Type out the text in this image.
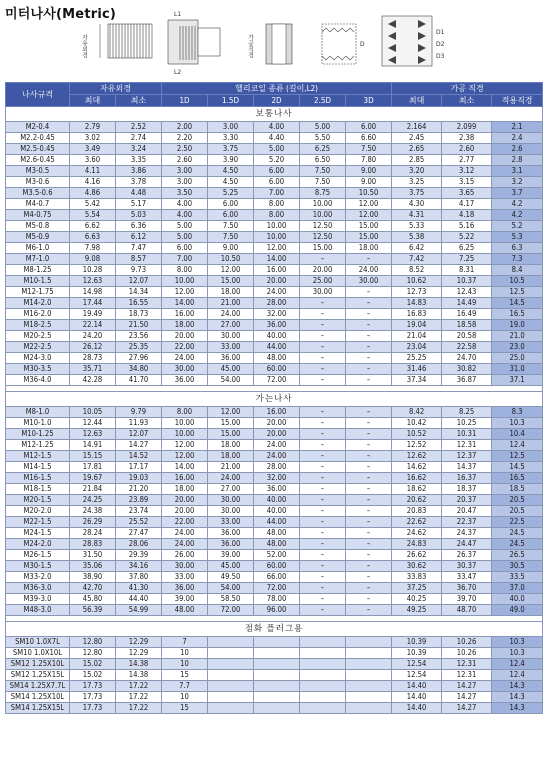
미터나사(Metric)
자유외경
L1
L2
가공직경	D
D1
D2
D3
나사규격	자유외경		헬리코일 종류 (길이,L2)					가공 직경		
	최대	최소	1D	1.5D	2D	2.5D	3D	최대	최소	적용직경
보통나사										
M2-0.4	2.79	2.52	2.00	3.00	4.00	5.00	6.00	2.164	2.099	2.1
M2.2-0.45	3.02	2.74	2.20	3.30	4.40	5.50	6.60	2.45	2.38	2.4
M2.5-0.45	3.49	3.24	2.50	3.75	5.00	6.25	7.50	2.65	2.60	2.6
M2.6-0.45	3.60	3.35	2.60	3.90	5.20	6.50	7.80	2.85	2.77	2.8
M3-0.5	4.11	3.86	3.00	4.50	6.00	7.50	9.00	3.20	3.12	3.1
M3-0.6	4.16	3.78	3.00	4.50	6.00	7.50	9.00	3.25	3.15	3.2
M3.5-0.6	4.86	4.48	3.50	5.25	7.00	8.75	10.50	3.75	3.65	3.7
M4-0.7	5.42	5.17	4.00	6.00	8.00	10.00	12.00	4.30	4.17	4.2
M4-0.75	5.54	5.03	4.00	6.00	8.00	10.00	12.00	4.31	4.18	4.2
M5-0.8	6.62	6.36	5.00	7.50	10.00	12.50	15.00	5.33	5.16	5.2
M5-0.9	6.63	6.12	5.00	7.50	10.00	12.50	15.00	5.38	5.22	5.3
M6-1.0	7.98	7.47	6.00	9.00	12.00	15.00	18.00	6.42	6.25	6.3
M7-1.0	9.08	8.57	7.00	10.50	14.00	–	–	7.42	7.25	7.3
M8-1.25	10.28	9.73	8.00	12.00	16.00	20.00	24.00	8.52	8.31	8.4
M10-1.5	12.63	12.07	10.00	15.00	20.00	25.00	30.00	10.62	10.37	10.5
M12-1.75	14.98	14.34	12.00	18.00	24.00	30.00	–	12.73	12.43	12.5
M14-2.0	17.44	16.55	14.00	21.00	28.00	–	–	14.83	14.49	14.5
M16-2.0	19.49	18.73	16.00	24.00	32.00	–	–	16.83	16.49	16.5
M18-2.5	22.14	21.50	18.00	27.00	36.00	–	–	19.04	18.58	19.0
M20-2.5	24.20	23.56	20.00	30.00	40.00	–	–	21.04	20.58	21.0
M22-2.5	26.12	25.35	22.00	33.00	44.00	–	–	23.04	22.58	23.0
M24-3.0	28.73	27.96	24.00	36.00	48.00	–	–	25.25	24.70	25.0
M30-3.5	35.71	34.80	30.00	45.00	60.00	–	–	31.46	30.82	31.0
M36-4.0	42.28	41.70	36.00	54.00	72.00	–	–	37.34	36.87	37.1

가는나사										
M8-1.0	10.05	9.79	8.00	12.00	16.00	–	–	8.42	8.25	8.3
M10-1.0	12.44	11.93	10.00	15.00	20.00	–	–	10.42	10.25	10.3
M10-1.25	12.63	12.07	10.00	15.00	20.00	–	–	10.52	10.31	10.4
M12-1.25	14.91	14.27	12.00	18.00	24.00	–	–	12.52	12.31	12.4
M12-1.5	15.15	14.52	12.00	18.00	24.00	–	–	12.62	12.37	12.5
M14-1.5	17.81	17.17	14.00	21.00	28.00	–	–	14.62	14.37	14.5
M16-1.5	19.67	19.03	16.00	24.00	32.00	–	–	16.62	16.37	16.5
M18-1.5	21.84	21.20	18.00	27.00	36.00	–	–	18.62	18.37	18.5
M20-1.5	24.25	23.89	20.00	30.00	40.00	–	–	20.62	20.37	20.5
M20-2.0	24.38	23.74	20.00	30.00	40.00	–	–	20.83	20.47	20.5
M22-1.5	26.29	25.52	22.00	33.00	44.00	–	–	22.62	22.37	22.5
M24-1.5	28.24	27.47	24.00	36.00	48.00	–	–	24.62	24.37	24.5
M24-2.0	28.83	28.06	24.00	36.00	48.00	–	–	24.83	24.47	24.5
M26-1.5	31.50	29.39	26.00	39.00	52.00	–	–	26.62	26.37	26.5
M30-1.5	35.06	34.16	30.00	45.00	60.00	–	–	30.62	30.37	30.5
M33-2.0	38.90	37.80	33.00	49.50	66.00	–	–	33.83	33.47	33.5
M36-3.0	42.70	41.30	36.00	54.00	72.00	–	–	37.25	36.70	37.0
M39-3.0	45.80	44.40	39.00	58.50	78.00	–	–	40.25	39.70	40.0
M48-3.0	56.39	54.99	48.00	72.00	96.00	–	–	49.25	48.70	49.0

점화 플러그용										
SM10 1.0X7L	12.80	12.29	7					10.39	10.26	10.3
SM10 1.0X10L	12.80	12.29	10					10.39	10.26	10.3
SM12 1.25X10L	15.02	14.38	10					12.54	12.31	12.4
SM12 1.25X15L	15.02	14.38	15					12.54	12.31	12.4
SM14 1.25X7.7L	17.73	17.22	7.7					14.40	14.27	14.3
SM14 1.25X10L	17.73	17.22	10					14.40	14.27	14.3
SM14 1.25X15L	17.73	17.22	15					14.40	14.27	14.3
